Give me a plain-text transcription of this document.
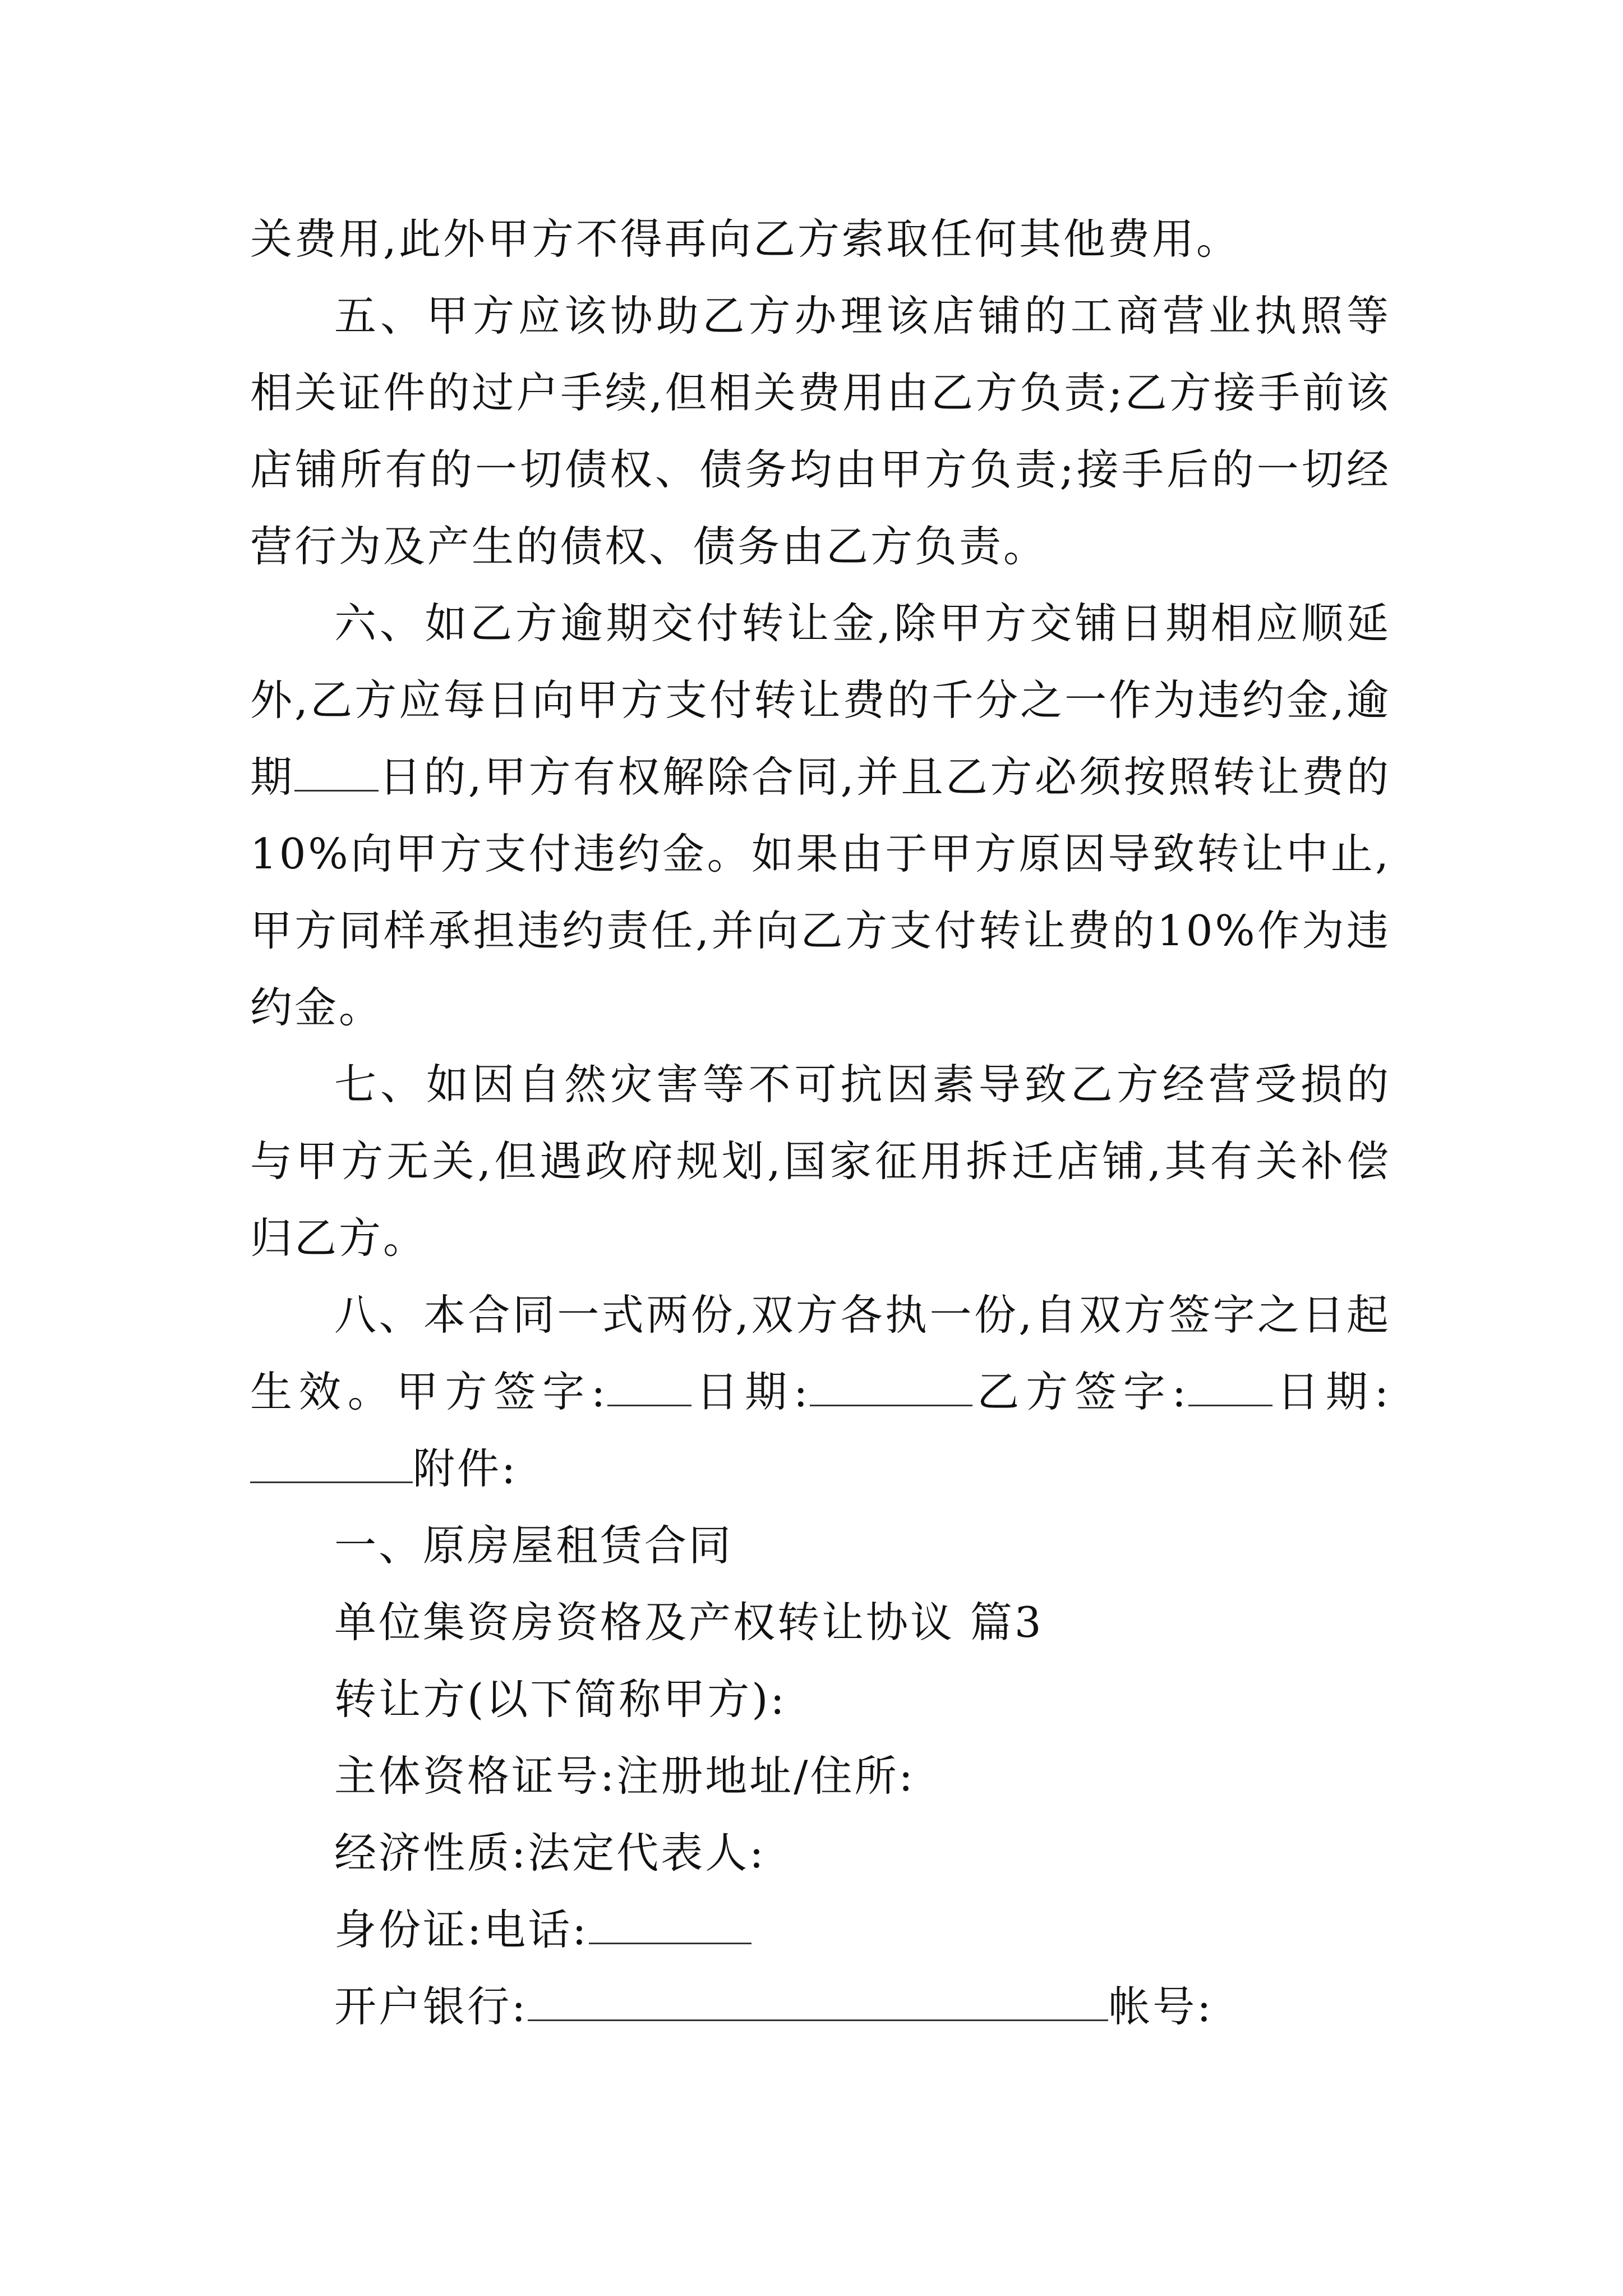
关费用,此外甲方不得再向乙方索取任何其他费用。

五、甲方应该协助乙方办理该店铺的工商营业执照等相关证件的过户手续,但相关费用由乙方负责;乙方接手前该店铺所有的一切债权、债务均由甲方负责;接手后的一切经营行为及产生的债权、债务由乙方负责。

六、如乙方逾期交付转让金,除甲方交铺日期相应顺延外,乙方应每日向甲方支付转让费的千分之一作为违约金,逾期 日的,甲方有权解除合同,并且乙方必须按照转让费的10%向甲方支付违约金。如果由于甲方原因导致转让中止,甲方同样承担违约责任,并向乙方支付转让费的10%作为违约金。

七、如因自然灾害等不可抗因素导致乙方经营受损的与甲方无关,但遇政府规划,国家征用拆迁店铺,其有关补偿归乙方。

八、本合同一式两份,双方各执一份,自双方签字之日起生效。甲方签字: 日期:	乙方签字: 日期:附件:

一、原房屋租赁合同

单位集资房资格及产权转让协议 篇3

转让方(以下简称甲方):

主体资格证号:注册地址/住所:

经济性质:法定代表人:

身份证:电话:

开户银行:	帐号:
